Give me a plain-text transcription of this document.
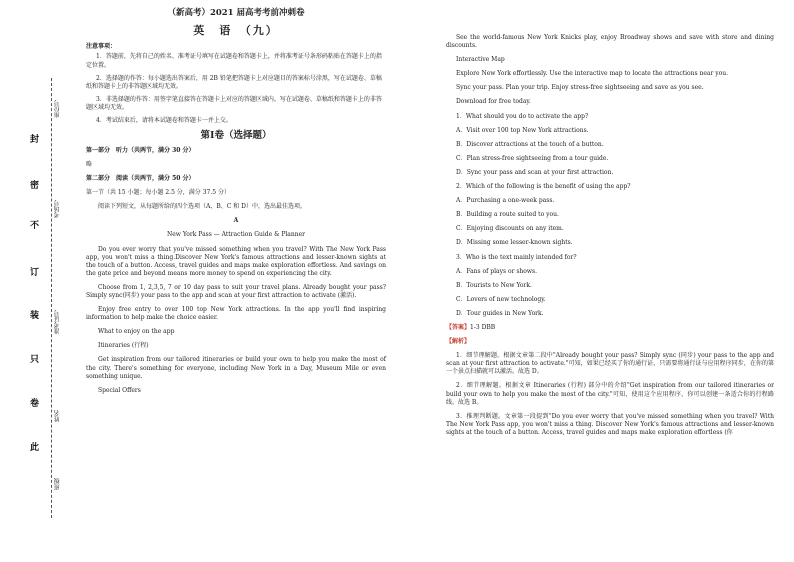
封
密
不
订
装
只
卷
此
座位号
考场号
准考证号
姓名
班级

（新高考）2021 届高考考前冲刺卷

英　语　（九）

注意事项：

1．答题前，先将自己的姓名、准考证号填写在试题卷和答题卡上，并将准考证号条形码粘贴在答题卡上的指定位置。

2．选择题的作答：每小题选出答案后，用 2B 铅笔把答题卡上对应题目的答案标号涂黑，写在试题卷、草稿纸和答题卡上的非答题区域均无效。

3．非选择题的作答：用签字笔直接答在答题卡上对应的答题区域内。写在试题卷、草稿纸和答题卡上的非答题区域均无效。

4．考试结束后，请将本试题卷和答题卡一并上交。

第Ⅰ卷（选择题）

第一部分　听力（共两节，满分 30 分）

略

第二部分　阅读（共两节，满分 50 分）

第一节（共 15 小题；每小题 2.5 分，满分 37.5 分）

阅读下列短文，从每题所给的四个选项（A、B、C 和 D）中，选出最佳选项。

A

New York Pass — Attraction Guide & Planner

Do you ever worry that you've missed something when you travel? With The New York Pass app, you won't miss a thing.Discover New York's famous attractions and lesser-known sights at the touch of a button. Access, travel guides and maps make exploration effortless. And savings on the gate price and beyond means more money to spend on experiencing the city.

Choose from 1, 2,3,5, 7 or 10 day pass to suit your travel plans. Already bought your pass? Simply sync(同步) your pass to the app and scan at your first attraction to activate (激活).

Enjoy free entry to over 100 top New York attractions. In the app you'll find inspiring information to help make the choice easier.

What to enjoy on the app

Itineraries (行程)

Get inspiration from our tailored itineraries or build your own to help you make the most of the city. There's something for everyone, including New York in a Day, Museum Mile or even something unique.

Special Offers

See the world-famous New York Knicks play, enjoy Broadway shows and save with store and dining discounts.

Interactive Map

Explore New York effortlessly. Use the interactive map to locate the attractions near you.

Sync your pass. Plan your trip. Enjoy stress-free sightseeing and save as you see.

Download for free today.

1．What should you do to activate the app?

A．Visit over 100 top New York attractions.

B．Discover attractions at the touch of a button.

C．Plan stress-free sightseeing from a tour guide.

D．Sync your pass and scan at your first attraction.

2．Which of the following is the benefit of using the app?

A．Purchasing a one-week pass.

B．Building a route suited to you.

C．Enjoying discounts on any item.

D．Missing some lesser-known sights.

3．Who is the text mainly intended for?

A．Fans of plays or shows.

B．Tourists to New York.

C．Lovers of new technology.

D．Tour guides in New York.

【答案】1-3 DBB

【解析】

1．细节理解题。根据文章第二段中"Already bought your pass? Simply sync (同步) your pass to the app and scan at your first attraction to activate."可知，如果已经买了你的通行证，只需要将通行证与应用程序同步，在你的第一个景点扫描就可以激活。故选 D。

2．细节理解题。根据文章 Itineraries (行程) 部分中的介绍"Get inspiration from our tailored itineraries or build your own to help you make the most of the city."可知，使用这个应用程序，你可以创建一条适合你的行程路线。故选 B。

3．推理判断题。文章第一段提到"Do you ever worry that you've missed something when you travel? With The New York Pass app, you won't miss a thing. Discover New York's famous attractions and lesser-known sights at the touch of a button. Access, travel guides and maps make exploration effortless (你
